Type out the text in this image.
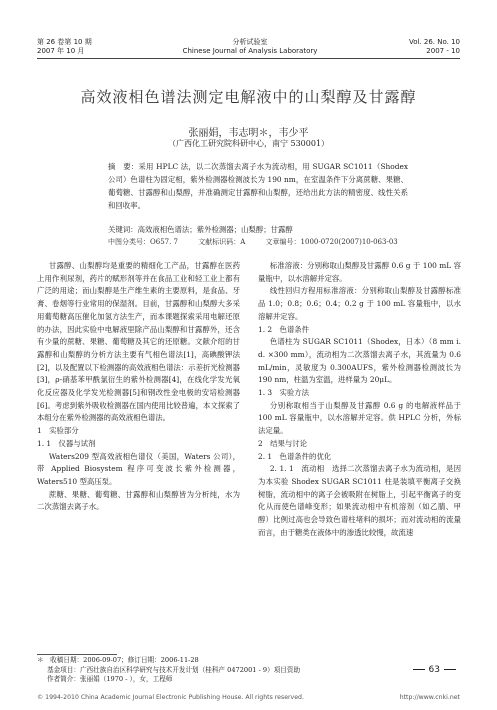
第 26 卷第 10 期
2007 年 10 月
分析试验室
Chinese Journal of Analysis Laboratory
Vol. 26. No. 10
2007 - 10
高效液相色谱法测定电解液中的山梨醇及甘露醇
张丽娟，韦志明＊，韦少平
（广西化工研究院科研中心，南宁 530001）
摘　要：采用 HPLC 法，以二次蒸馏去离子水为流动相，用 SUGAR SC1011（Shodex 公司）色谱柱为固定相，紫外检测器检测波长为 190 nm，在室温条件下分离蔗糖、果糖、葡萄糖、甘露醇和山梨醇，并准确测定甘露醇和山梨醇，还给出此方法的精密度、线性关系和回收率。
关键词：高效液相色谱法；紫外检测器；山梨醇；甘露醇
中图分类号：O657. 7	文献标识码：A	文章编号：1000-0720(2007)10-063-03

甘露醇、山梨醇均是重要的精细化工产品，甘露醇在医药上用作利尿剂，药片的赋形剂等并在食品工业和轻工业上都有广泛的用途；而山梨醇是生产维生素的主要原料，是食品、牙膏、卷烟等行业常用的保湿剂。目前，甘露醇和山梨醇大多采用葡萄糖高压催化加氢方法生产，而本课题探索采用电解还原的办法，因此实验中电解液里除产品山梨醇和甘露醇外，还含有少量的蔗糖、果糖、葡萄糖及其它的还原糖。文献介绍的甘露醇和山梨醇的分析方法主要有气相色谱法[1]，高碘酸钾法[2]，以及配置以下检测器的高效液相色谱法：示差折光检测器[3]，ρ-硝基苯甲酰氯衍生的紫外检测器[4]，在线化学发光氧化反应器及化学发光检测器[5]和钢改性金电极的安培检测器[6]。考虑到紫外吸收检测器在国内使用比较普遍，本文探索了本组分在紫外检测器的高效液相色谱法。

1　实验部分

1. 1　仪器与试剂

Waters209 型高效液相色谱仪（美国，Waters 公司），带 Applied Biosystem 程序可变波长紫外检测器，Waters510 型高压泵。

蔗糖、果糖、葡萄糖、甘露醇和山梨醇皆为分析纯，水为二次蒸馏去离子水。

标准溶液：分别称取山梨醇及甘露醇 0.6 g 于 100 mL 容量瓶中，以水溶解并定容。

线性回归方程用标准溶液：分别称取山梨醇及甘露醇标准品 1.0；0.8；0.6；0.4；0.2 g 于 100 mL 容量瓶中，以水溶解并定容。

1. 2　色谱条件

色谱柱为 SUGAR SC1011（Shodex，日本）（8 mm i. d. ×300 mm），流动相为二次蒸馏去离子水，其流量为 0.6 mL/min，灵敏度为 0.300AUFS，紫外检测器检测波长为 190 nm，柱温为室温，进样量为 20μL。

1. 3　实验方法

分别称取相当于山梨醇及甘露醇 0.6 g 的电解液样品于 100 mL 容量瓶中，以水溶解并定容。供 HPLC 分析，外标法定量。

2　结果与讨论

2. 1　色谱条件的优化

2. 1. 1　流动相　 选择二次蒸馏去离子水为流动相，是因为本实验 Shodex SUGAR SC1011 柱是装填平衡离子交换树脂，流动相中的离子会被吸附在树脂上，引起平衡离子的变化从而使色谱峰变形；如果流动相中有机溶剂（如乙腈、甲醇）比例过高也会导致色谱柱堵料的损坏；而对流动相的流量而言，由于糖类在液体中的渗透比较慢，故流速

＊　收稿日期：2006-09-07；修订日期：2006-11-28
基金项目：广西壮族自治区科学研究与技术开发计划（桂科产 0472001 - 9）项目资助
作者简介：张丽娟（1970 - ），女，工程师
63
© 1994-2010 China Academic Journal Electronic Publishing House. All rights reserved.	http://www.cnki.net
